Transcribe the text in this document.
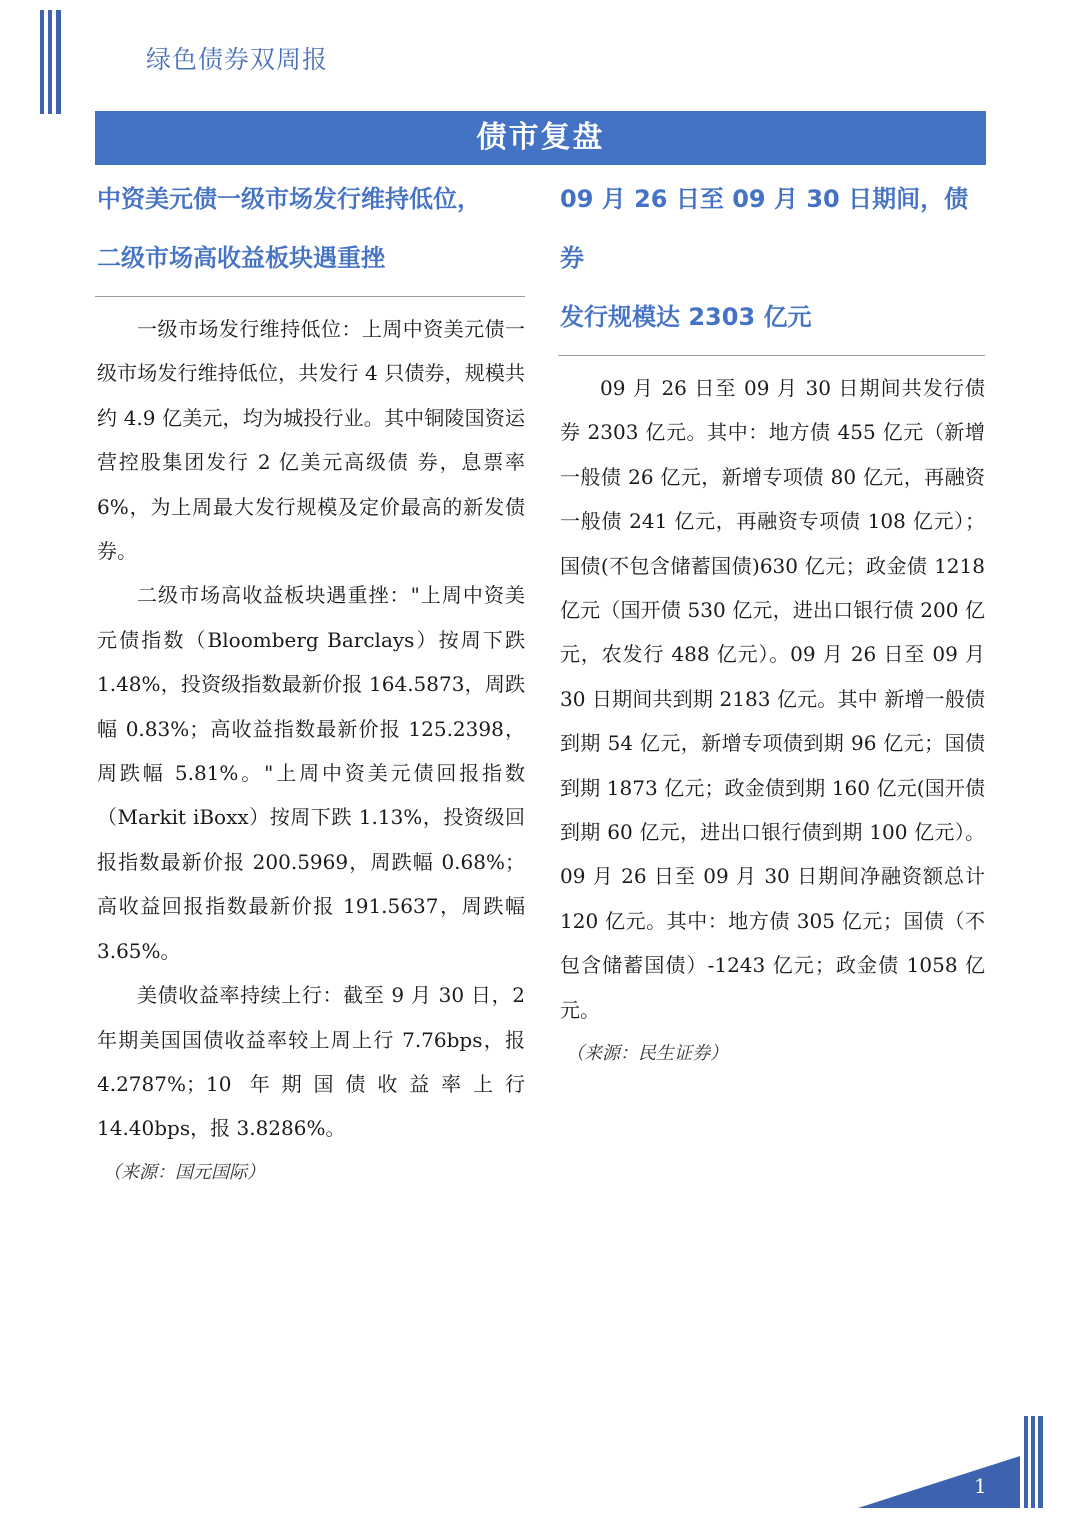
绿色债券双周报
债市复盘
中资美元债一级市场发行维持低位，
二级市场高收益板块遇重挫

一级市场发行维持低位：上周中资美元债一级市场发行维持低位，共发行 4 只债券，规模共约 4.9 亿美元，均为城投行业。其中铜陵国资运营控股集团发行 2 亿美元高级债 券，息票率 6%，为上周最大发行规模及定价最高的新发债券。

二级市场高收益板块遇重挫："上周中资美元债指数（Bloomberg Barclays）按周下跌 1.48%，投资级指数最新价报 164.5873，周跌幅 0.83%；高收益指数最新价报 125.2398，周跌幅 5.81%。"上周中资美元债回报指数（Markit iBoxx）按周下跌 1.13%，投资级回报指数最新价报 200.5969，周跌幅 0.68%；高收益回报指数最新价报 191.5637，周跌幅 3.65%。

美债收益率持续上行：截至 9 月 30 日，2 年期美国国债收益率较上周上行 7.76bps，报 4.2787%；10 年期国债收益率上行 14.40bps，报 3.8286%。

（来源：国元国际）

09 月 26 日至 09 月 30 日期间，债券
发行规模达 2303 亿元

09 月 26 日至 09 月 30 日期间共发行债券 2303 亿元。其中：地方债 455 亿元（新增一般债 26 亿元，新增专项债 80 亿元，再融资一般债 241 亿元，再融资专项债 108 亿元）；国债(不包含储蓄国债)630 亿元；政金债 1218 亿元（国开债 530 亿元，进出口银行债 200 亿元，农发行 488 亿元）。09 月 26 日至 09 月 30 日期间共到期 2183 亿元。其中 新增一般债到期 54 亿元，新增专项债到期 96 亿元；国债到期 1873 亿元；政金债到期 160 亿元(国开债到期 60 亿元，进出口银行债到期 100 亿元）。09 月 26 日至 09 月 30 日期间净融资额总计 120 亿元。其中：地方债 305 亿元；国债（不包含储蓄国债）-1243 亿元；政金债 1058 亿元。

（来源：民生证券）

1
